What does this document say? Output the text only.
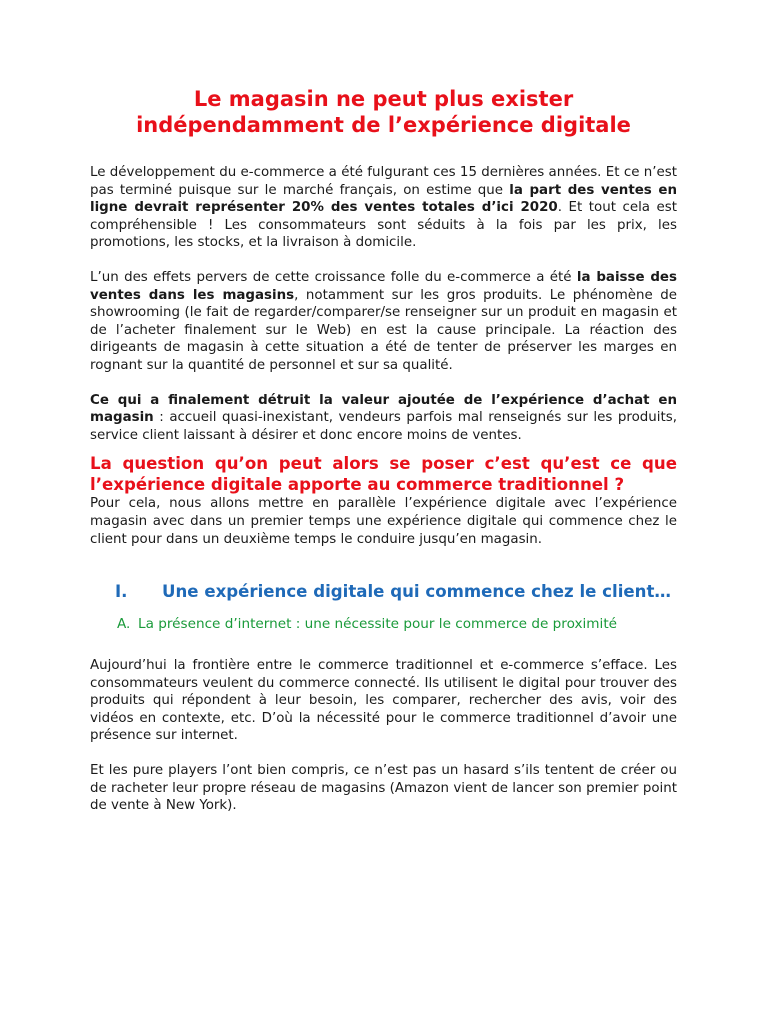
Le magasin ne peut plus exister
indépendamment de l’expérience digitale

Le développement du e-commerce a été fulgurant ces 15 dernières années. Et ce n’est pas terminé puisque sur le marché français, on estime que la part des ventes en ligne devrait représenter 20% des ventes totales d’ici 2020. Et tout cela est compréhensible ! Les consommateurs sont séduits à la fois par les prix, les promotions, les stocks, et la livraison à domicile.

L’un des effets pervers de cette croissance folle du e-commerce a été la baisse des ventes dans les magasins, notamment sur les gros produits. Le phénomène de showrooming (le fait de regarder/comparer/se renseigner sur un produit en magasin et de l’acheter finalement sur le Web) en est la cause principale. La réaction des dirigeants de magasin à cette situation a été de tenter de préserver les marges en rognant sur la quantité de personnel et sur sa qualité.

Ce qui a finalement détruit la valeur ajoutée de l’expérience d’achat en magasin : accueil quasi-inexistant, vendeurs parfois mal renseignés sur les produits, service client laissant à désirer et donc encore moins de ventes.

La question qu’on peut alors se poser c’est qu’est ce que l’expérience digitale apporte au commerce traditionnel ?

Pour cela, nous allons mettre en parallèle l’expérience digitale avec l’expérience magasin avec dans un premier temps une expérience digitale qui commence chez le client pour dans un deuxième temps le conduire jusqu’en magasin.

I.	Une expérience digitale qui commence chez le client…
A. La présence d’internet : une nécessite pour le commerce de proximité

Aujourd’hui la frontière entre le commerce traditionnel et e-commerce s’efface. Les consommateurs veulent du commerce connecté. Ils utilisent le digital pour trouver des produits qui répondent à leur besoin, les comparer, rechercher des avis, voir des vidéos en contexte, etc. D’où la nécessité pour le commerce traditionnel d’avoir une présence sur internet.

Et les pure players l’ont bien compris, ce n’est pas un hasard s’ils tentent de créer ou de racheter leur propre réseau de magasins (Amazon vient de lancer son premier point de vente à New York).
